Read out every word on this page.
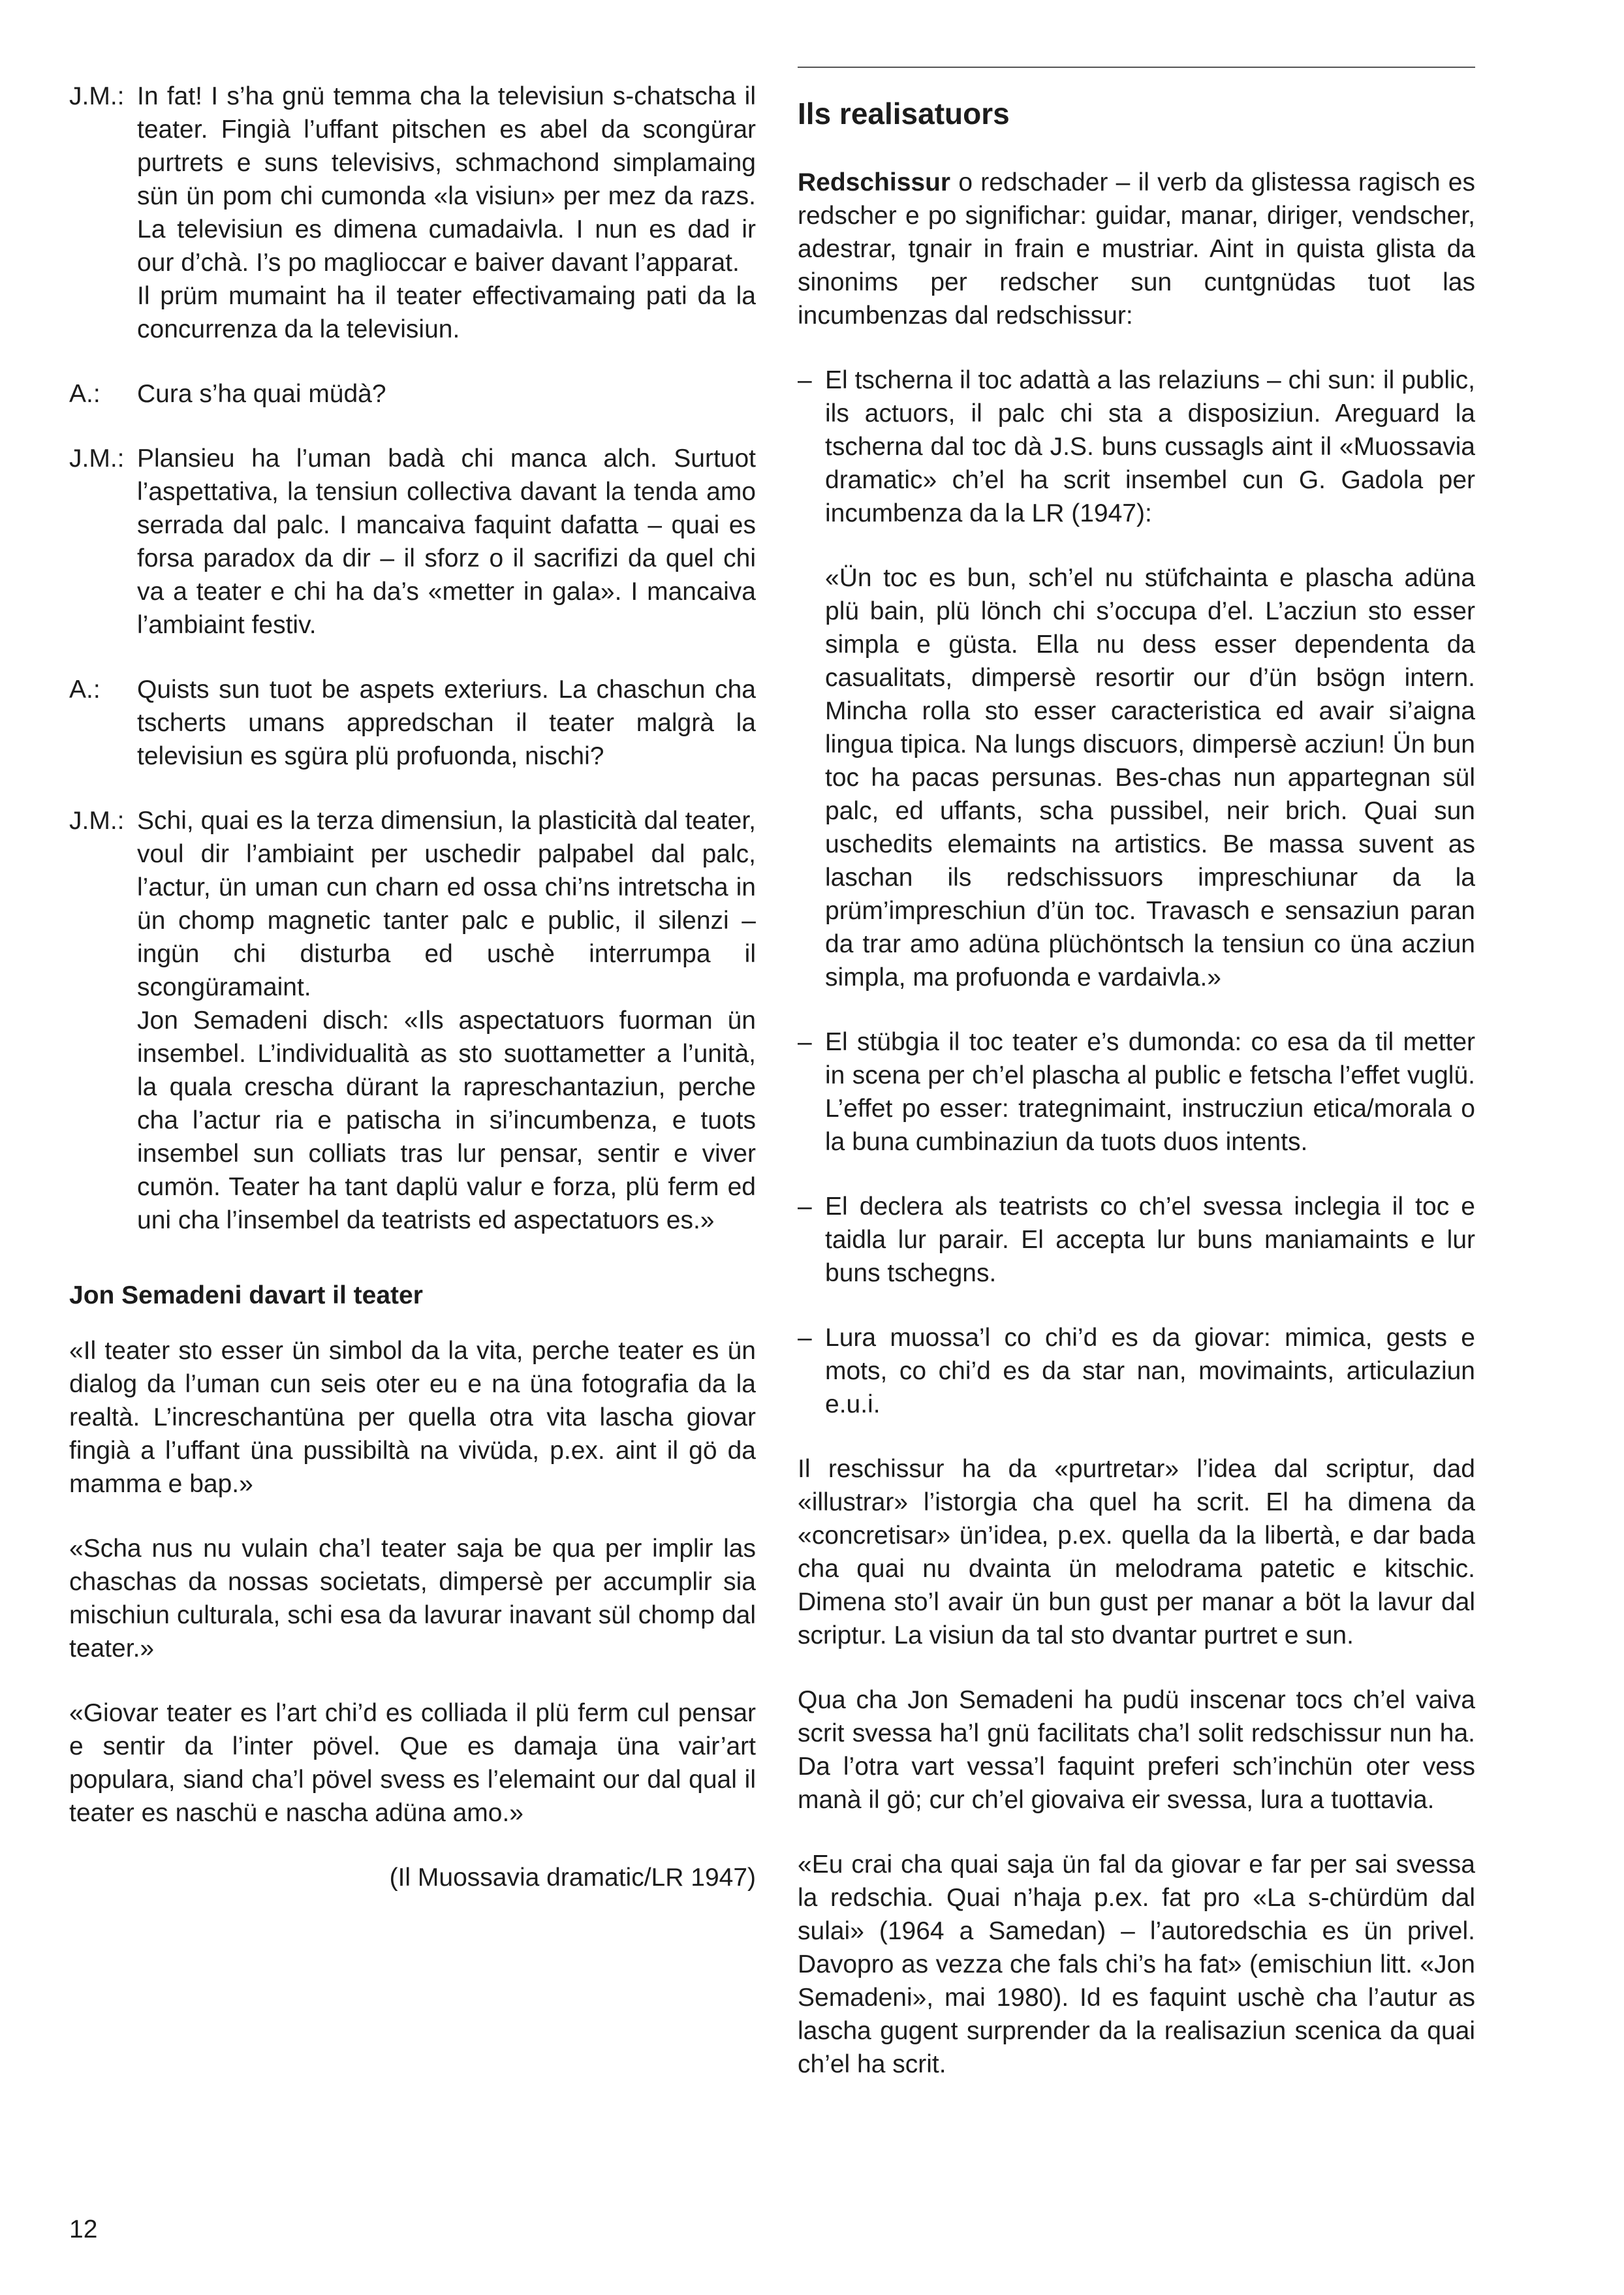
J.M.: In fat! I s’ha gnü temma cha la televisiun s-chatscha il teater. Fingià l’uffant pitschen es abel da scongürar purtrets e suns televisivs, schmachond simplamaing sün ün pom chi cumonda «la visiun» per mez da razs. La televisiun es dimena cumadaivla. I nun es dad ir our d’chà. I’s po maglioccar e baiver davant l’apparat.

Il prüm mumaint ha il teater effectivamaing pati da la concurrenza da la televisiun.

A.:	Cura s’ha quai müdà?

J.M.: Plansieu ha l’uman badà chi manca alch. Surtuot l’aspettativa, la tensiun collectiva davant la tenda amo serrada dal palc. I mancaiva faquint dafatta – quai es forsa paradox da dir – il sforz o il sacrifizi da quel chi va a teater e chi ha da’s «metter in gala». I mancaiva l’ambiaint festiv.

A.:	Quists sun tuot be aspets exteriurs. La chaschun cha tscherts umans appredschan il teater malgrà la televisiun es sgüra plü profuonda, nischi?

J.M.: Schi, quai es la terza dimensiun, la plasticità dal teater, voul dir l’ambiaint per uschedir palpabel dal palc, l’actur, ün uman cun charn ed ossa chi’ns intretscha in ün chomp magnetic tanter palc e public, il silenzi – ingün chi disturba ed uschè interrumpa il scongüramaint.

Jon Semadeni disch: «Ils aspectatuors fuorman ün insembel. L’individualità as sto suottametter a l’unità, la quala crescha dürant la rapreschantaziun, perche cha l’actur ria e patischa in si’incumbenza, e tuots insembel sun colliats tras lur pensar, sentir e viver cumön. Teater ha tant daplü valur e forza, plü ferm ed uni cha l’insembel da teatrists ed aspectatuors es.»

Jon Semadeni davart il teater

«Il teater sto esser ün simbol da la vita, perche teater es ün dialog da l’uman cun seis oter eu e na üna fotografia da la realtà. L’increschantüna per quella otra vita lascha giovar fingià a l’uffant üna pussibiltà na vivüda, p.ex. aint il gö da mamma e bap.»

«Scha nus nu vulain cha’l teater saja be qua per implir las chaschas da nossas societats, dimpersè per accumplir sia mischiun culturala, schi esa da lavurar inavant sül chomp dal teater.»

«Giovar teater es l’art chi’d es colliada il plü ferm cul pensar e sentir da l’inter pövel. Que es damaja üna vair’art populara, siand cha’l pövel svess es l’elemaint our dal qual il teater es naschü e nascha adüna amo.»

(Il Muossavia dramatic/LR 1947)

Ils realisatuors

Redschissur o redschader – il verb da glistessa ragisch es redscher e po significhar: guidar, manar, diriger, vendscher, adestrar, tgnair in frain e mustriar. Aint in quista glista da sinonims per redscher sun cuntgnüdas tuot las incumbenzas dal redschissur:

– El tscherna il toc adattà a las relaziuns – chi sun: il public, ils actuors, il palc chi sta a disposiziun. Areguard la tscherna dal toc dà J.S. buns cussagls aint il «Muossavia dramatic» ch’el ha scrit insembel cun G. Gadola per incumbenza da la LR (1947):

«Ün toc es bun, sch’el nu stüfchainta e plascha adüna plü bain, plü lönch chi s’occupa d’el. L’acziun sto esser simpla e güsta. Ella nu dess esser dependenta da casualitats, dimpersè resortir our d’ün bsögn intern. Mincha rolla sto esser caracteristica ed avair si’aigna lingua tipica. Na lungs discuors, dimpersè acziun! Ün bun toc ha pacas persunas. Bes-chas nun appartegnan sül palc, ed uffants, scha pussibel, neir brich. Quai sun uschedits elemaints na artistics. Be massa suvent as laschan ils redschissuors impreschiunar da la prüm’impreschiun d’ün toc. Travasch e sensaziun paran da trar amo adüna plüchöntsch la tensiun co üna acziun simpla, ma profuonda e vardaivla.»

– El stübgia il toc teater e’s dumonda: co esa da til metter in scena per ch’el plascha al public e fetscha l’effet vuglü. L’effet po esser: trategnimaint, instrucziun etica/morala o la buna cumbinaziun da tuots duos intents.

– El declera als teatrists co ch’el svessa inclegia il toc e taidla lur parair. El accepta lur buns maniamaints e lur buns tschegns.

– Lura muossa’l co chi’d es da giovar: mimica, gests e mots, co chi’d es da star nan, movimaints, articulaziun e.u.i.

Il reschissur ha da «purtretar» l’idea dal scriptur, dad «illustrar» l’istorgia cha quel ha scrit. El ha dimena da «concretisar» ün’idea, p.ex. quella da la libertà, e dar bada cha quai nu dvainta ün melodrama patetic e kitschic. Dimena sto’l avair ün bun gust per manar a böt la lavur dal scriptur. La visiun da tal sto dvantar purtret e sun.

Qua cha Jon Semadeni ha pudü inscenar tocs ch’el vaiva scrit svessa ha’l gnü facilitats cha’l solit redschissur nun ha. Da l’otra vart vessa’l faquint preferi sch’inchün oter vess manà il gö; cur ch’el giovaiva eir svessa, lura a tuottavia.

«Eu crai cha quai saja ün fal da giovar e far per sai svessa la redschia. Quai n’haja p.ex. fat pro «La s-chürdüm dal sulai» (1964 a Samedan) – l’autoredschia es ün privel. Davopro as vezza che fals chi’s ha fat» (emischiun litt. «Jon Semadeni», mai 1980). Id es faquint uschè cha l’autur as lascha gugent surprender da la realisaziun scenica da quai ch’el ha scrit.

12
